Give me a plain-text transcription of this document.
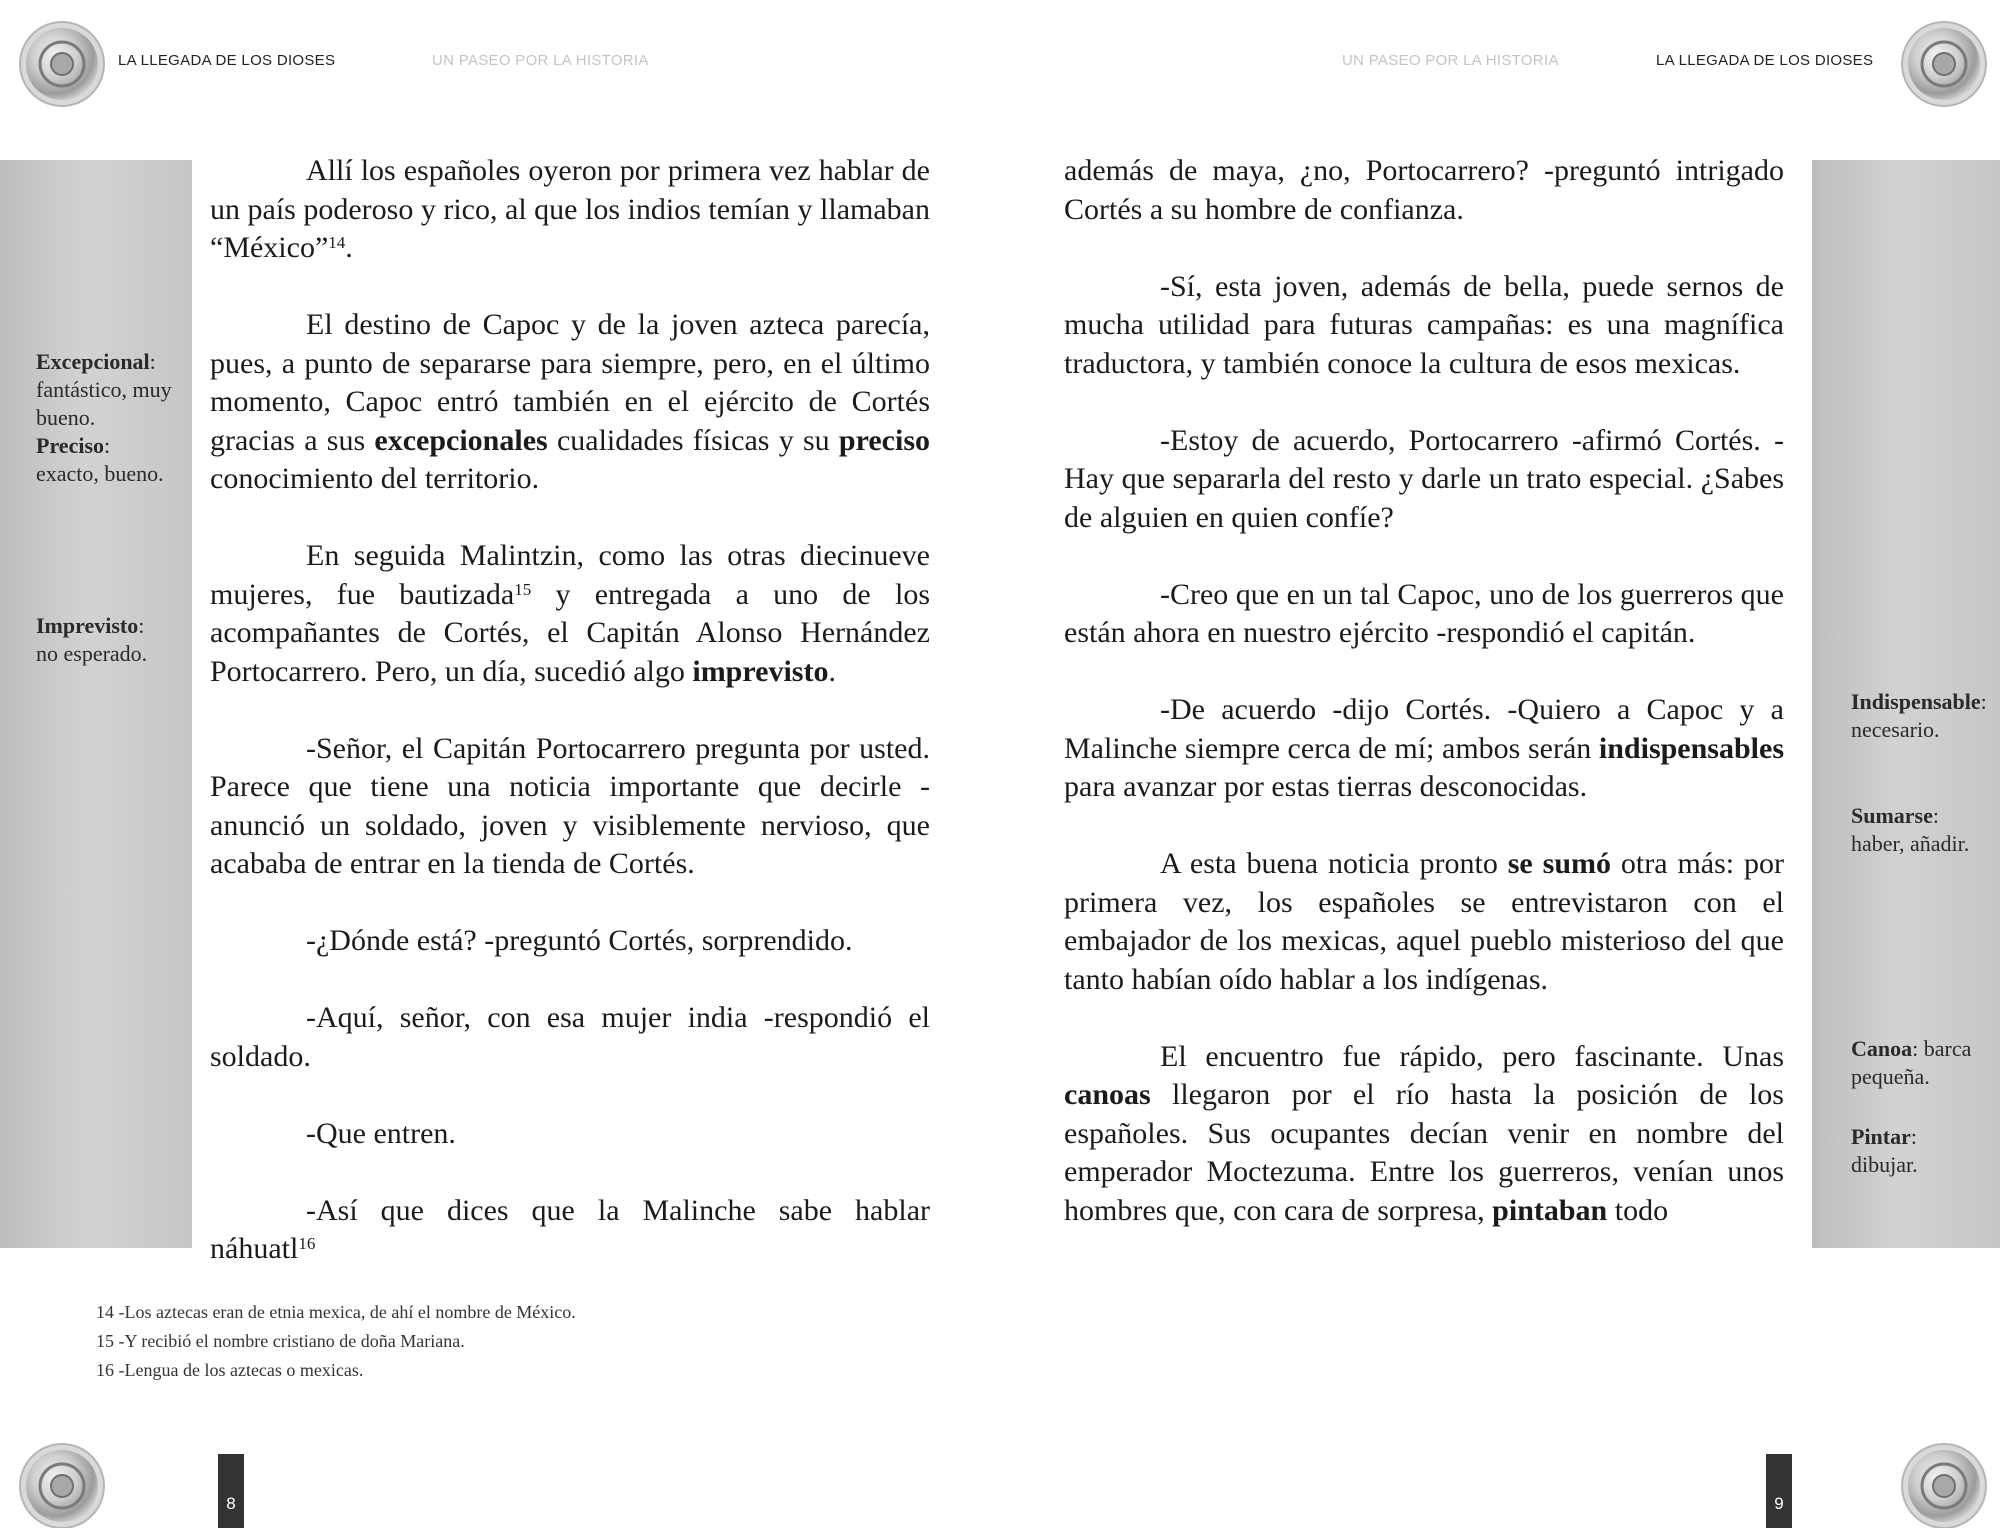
LA LLEGADA DE LOS DIOSES	UN PASEO POR LA HISTORIA	UN PASEO POR LA HISTORIA	LA LLEGADA DE LOS DIOSES
Excepcional:
fantástico, muy bueno.
Preciso:
exacto, bueno.
Imprevisto:
no esperado.
Indispensable:
necesario.
Sumarse:
haber, añadir.
Canoa: barca pequeña.
Pintar:
dibujar.

Allí los españoles oyeron por primera vez hablar de un país poderoso y rico, al que los indios temían y llamaban “México”$^{14}$.

El destino de Capoc y de la joven azteca parecía, pues, a punto de separarse para siempre, pero, en el último momento, Capoc entró también en el ejército de Cortés gracias a sus excepcionales cualidades físicas y su preciso conocimiento del territorio.

En seguida Malintzin, como las otras diecinueve mujeres, fue bautizada$^{15}$ y entregada a uno de los acompañantes de Cortés, el Capitán Alonso Hernández Portocarrero. Pero, un día, sucedió algo imprevisto.

-Señor, el Capitán Portocarrero pregunta por usted. Parece que tiene una noticia importante que decirle -anunció un soldado, joven y visiblemente nervioso, que acababa de entrar en la tienda de Cortés.

-¿Dónde está? -preguntó Cortés, sorprendido.

-Aquí, señor, con esa mujer india -respondió el soldado.

-Que entren.

-Así que dices que la Malinche sabe hablar náhuatl$^{16}$

además de maya, ¿no, Portocarrero? -preguntó intrigado Cortés a su hombre de confianza.

-Sí, esta joven, además de bella, puede sernos de mucha utilidad para futuras campañas: es una magnífica traductora, y también conoce la cultura de esos mexicas.

-Estoy de acuerdo, Portocarrero -afirmó Cortés. -Hay que separarla del resto y darle un trato especial. ¿Sabes de alguien en quien confíe?

-Creo que en un tal Capoc, uno de los guerreros que están ahora en nuestro ejército -respondió el capitán.

-De acuerdo -dijo Cortés. -Quiero a Capoc y a Malinche siempre cerca de mí; ambos serán indispensables para avanzar por estas tierras desconocidas.

A esta buena noticia pronto se sumó otra más: por primera vez, los españoles se entrevistaron con el embajador de los mexicas, aquel pueblo misterioso del que tanto habían oído hablar a los indígenas.

El encuentro fue rápido, pero fascinante. Unas canoas llegaron por el río hasta la posición de los españoles. Sus ocupantes decían venir en nombre del emperador Moctezuma. Entre los guerreros, venían unos hombres que, con cara de sorpresa, pintaban todo

14 -Los aztecas eran de etnia mexica, de ahí el nombre de México.
15 -Y recibió el nombre cristiano de doña Mariana.
16 -Lengua de los aztecas o mexicas.
8	9
